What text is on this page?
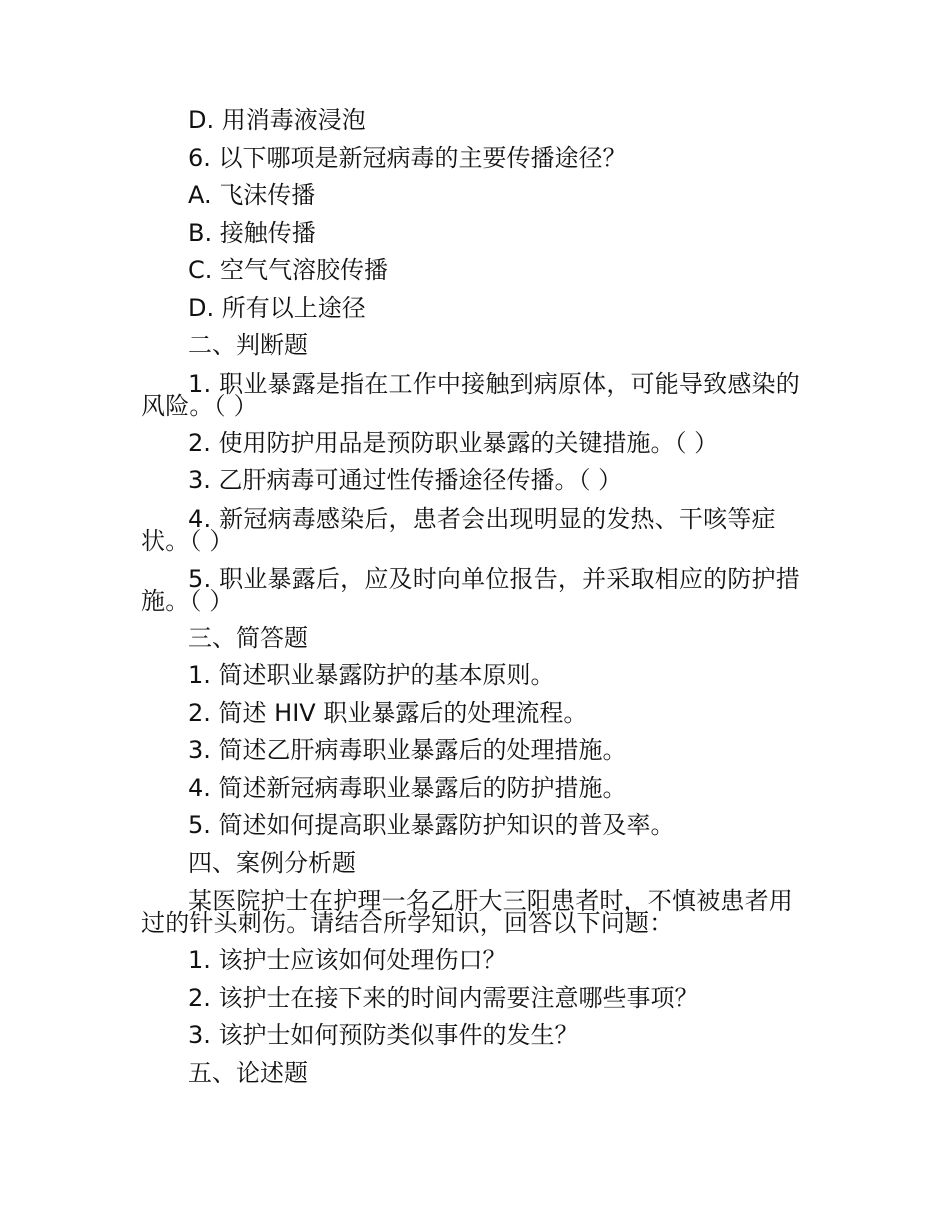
D. 用消毒液浸泡
6. 以下哪项是新冠病毒的主要传播途径？
A. 飞沫传播
B. 接触传播
C. 空气气溶胶传播
D. 所有以上途径
二、判断题
1. 职业暴露是指在工作中接触到病原体，可能导致感染的风险。（ ）
2. 使用防护用品是预防职业暴露的关键措施。（ ）
3. 乙肝病毒可通过性传播途径传播。（ ）
4. 新冠病毒感染后，患者会出现明显的发热、干咳等症状。（ ）
5. 职业暴露后，应及时向单位报告，并采取相应的防护措施。（ ）
三、简答题
1. 简述职业暴露防护的基本原则。
2. 简述 HIV 职业暴露后的处理流程。
3. 简述乙肝病毒职业暴露后的处理措施。
4. 简述新冠病毒职业暴露后的防护措施。
5. 简述如何提高职业暴露防护知识的普及率。
四、案例分析题
某医院护士在护理一名乙肝大三阳患者时，不慎被患者用过的针头刺伤。请结合所学知识，回答以下问题：
1. 该护士应该如何处理伤口？
2. 该护士在接下来的时间内需要注意哪些事项？
3. 该护士如何预防类似事件的发生？
五、论述题
